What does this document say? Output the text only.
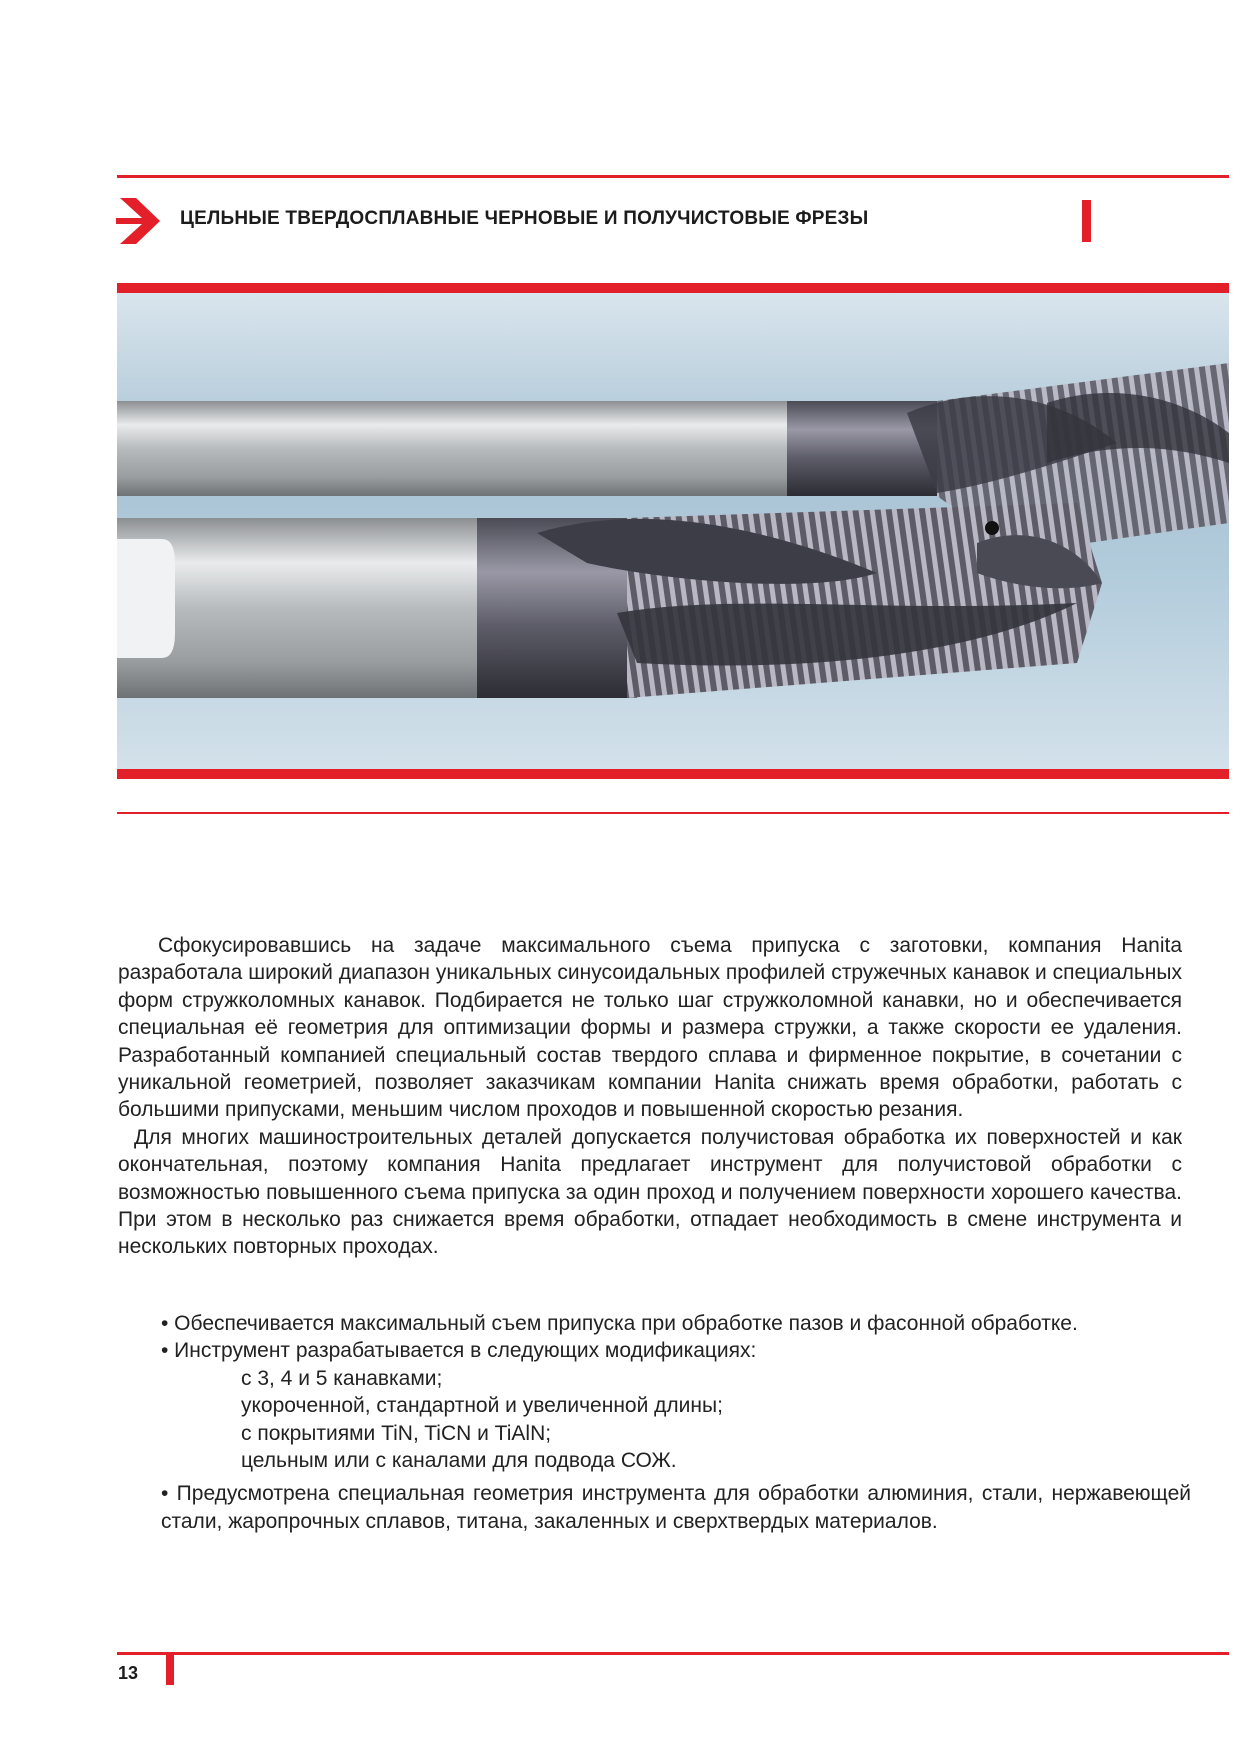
ЦЕЛЬНЫЕ ТВЕРДОСПЛАВНЫЕ ЧЕРНОВЫЕ И ПОЛУЧИСТОВЫЕ ФРЕЗЫ

Сфокусировавшись на задаче максимального съема припуска с заготовки, компания Hanita разработала широкий диапазон уникальных синусоидальных профилей стружечных канавок и специальных форм стружколомных канавок. Подбирается не только шаг стружколомной канавки, но и обеспечивается специальная её геометрия для оптимизации формы и размера стружки, а также скорости ее удаления. Разработанный компанией специальный состав твердого сплава и фирменное покрытие, в сочетании с уникальной геометрией, позволяет заказчикам компании Hanita снижать время обработки, работать с большими припусками, меньшим числом проходов и повышенной скоростью резания.

Для многих машиностроительных деталей допускается получистовая обработка их поверхностей и как окончательная, поэтому компания Hanita предлагает инструмент для получистовой обработки с возможностью повышенного съема припуска за один проход и получением поверхности хорошего качества. При этом в несколько раз снижается время обработки, отпадает необходимость в смене инструмента и нескольких повторных проходах.

• Обеспечивается максимальный съем припуска при обработке пазов и фасонной обработке.

• Инструмент разрабатывается в следующих модификациях:

с 3, 4 и 5 канавками;

укороченной, стандартной и увеличенной длины;

с покрытиями TiN, TiCN и TiAlN;

цельным или с каналами для подвода СОЖ.

• Предусмотрена специальная геометрия инструмента для обработки алюминия, стали, нержавеющей стали, жаропрочных сплавов, титана, закаленных и сверхтвердых материалов.

13
